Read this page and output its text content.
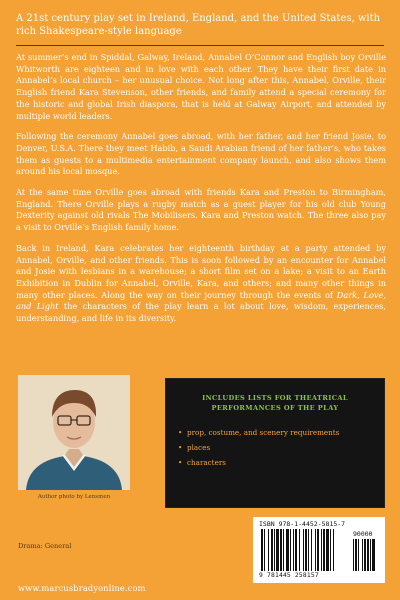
A 21st century play set in Ireland, England, and the United States, with rich Shakespeare-style language

At summer’s end in Spiddal, Galway, Ireland, Annabel O’Connor and English boy Orville Whitworth are eighteen and in love with each other. They have their first date in Annabel’s local church – her unusual choice. Not long after this, Annabel, Orville, their English friend Kara Stevenson, other friends, and family attend a special ceremony for the historic and global Irish diaspora, that is held at Galway Airport, and attended by multiple world leaders.

Following the ceremony Annabel goes abroad, with her father, and her friend Josie, to Denver, U.S.A. There they meet Habib, a Saudi Arabian friend of her father’s, who takes them as guests to a multimedia entertainment company launch, and also shows them around his local mosque.

At the same time Orville goes abroad with friends Kara and Preston to Birmingham, England. There Orville plays a rugby match as a guest player for his old club Young Dexterity against old rivals The Mobilisers. Kara and Preston watch. The three also pay a visit to Orville’s English family home.

Back in Ireland, Kara celebrates her eighteenth birthday at a party attended by Annabel, Orville, and other friends. This is soon followed by an encounter for Annabel and Josie with lesbians in a warehouse; a short film set on a lake; a visit to an Earth Exhibition in Dublin for Annabel, Orville, Kara, and others; and many other things in many other places. Along the way on their journey through the events of Dark, Love, and Light the characters of the play learn a lot about love, wisdom, experiences, understanding, and life in its diversity.

Author photo by Lensmen
INCLUDES LISTS FOR THEATRICAL
PERFORMANCES OF THE PLAY
• prop, costume, and scenery requirements
• places
• characters
ISBN 978-1-4452-5815-7
90000
9 781445 258157
Drama: General
www.marcusbradyonline.com
